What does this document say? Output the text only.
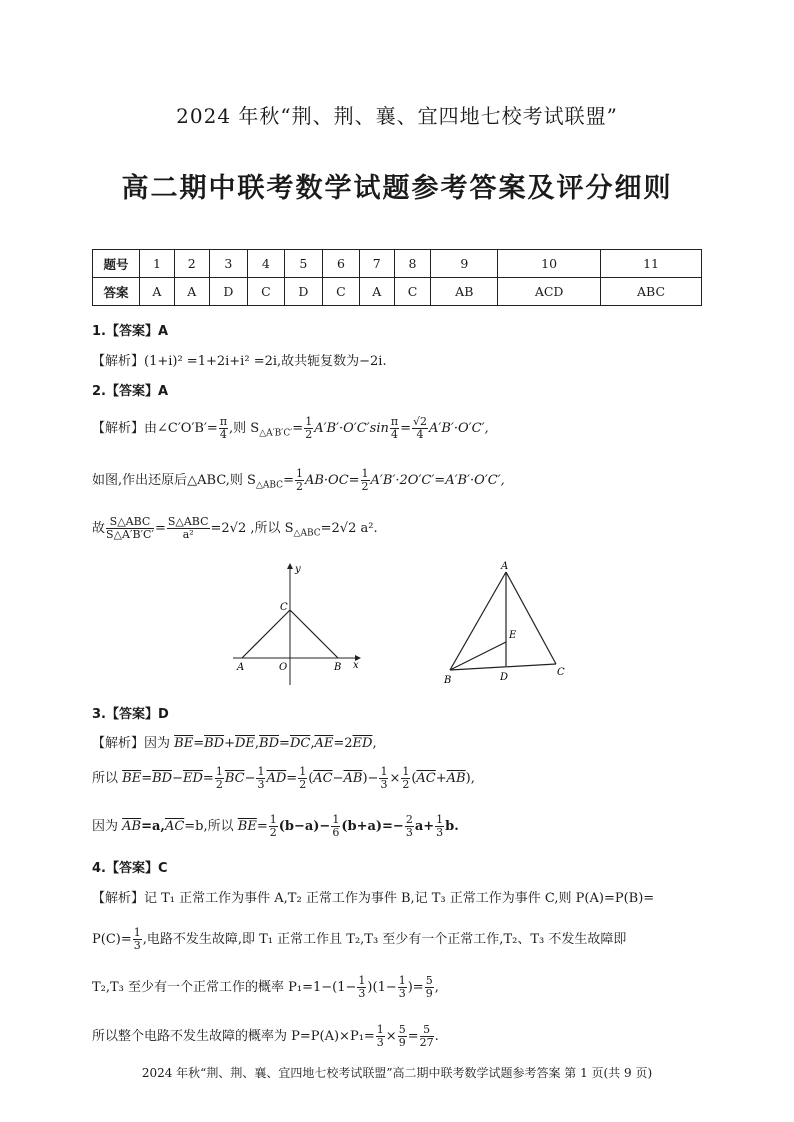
2024 年秋“荆、荆、襄、宜四地七校考试联盟”
高二期中联考数学试题参考答案及评分细则
题号	1	2	3	4	5	6	7	8	9	10	11
答案	A	A	D	C	D	C	A	C	AB	ACD	ABC
1.【答案】A
【解析】(1+i)² =1+2i+i² =2i,故共轭复数为−2i.
2.【答案】A
【解析】由∠C′O′B′= $\frac{\pi}{4}$ ,则 $S_{\triangle A'B'C'}= \frac{1}{2} A'B'\cdot O'C'\sin \frac{\pi}{4} = \frac{√2}{4} A'B'\cdot O'C'$,
如图,作出还原后△ABC,则 $S_{\triangle ABC}= \frac{1}{2} AB\cdot OC= \frac{1}{2} A'B'\cdot 2O'C'=A'B'\cdot O'C'$,
故 $\frac{\text{S△ABC}}{S\triangle A'B'C'} = \frac{\text{S△ABC}}{\text{a²}} =2√2$ ,所以 $S_{\triangle ABC}=2√2$ a².
y
C
A	O	B x
A
E
B	D	C
3.【答案】D
【解析】因为 $\overline{BE}=\overline{BD}+\overline{DE},\overline{BD}=\overline{DC},\overline{AE}=2\overline{ED}$,
所以 $\overline{BE}=\overline{BD}-\overline{ED}= \frac{1}{2} \overline{BC}- \frac{1}{3} \overline{AD}= \frac{1}{2} (\overline{AC}-\overline{AB})- \frac{1}{3} \times \frac{1}{2} (\overline{AC}+\overline{AB})$,
因为 $\overline{AB}=a,\overline{AC}=b$,所以 $\overline{BE}= \frac{1}{2} (b-a)- \frac{1}{6} (b+a)=- \frac{2}{3} a+ \frac{1}{3} b$.
4.【答案】C
【解析】记 T₁ 正常工作为事件 A,T₂ 正常工作为事件 B,记 T₃ 正常工作为事件 C,则 P(A)=P(B)=
$P(C)= \frac{1}{3}$ ,电路不发生故障,即 T₁ 正常工作且 T₂,T₃ 至少有一个正常工作,T₂、T₃ 不发生故障即
T₂,T₃ 至少有一个正常工作的概率 $P_1=1-(1- \frac{1}{3} )(1- \frac{1}{3}$ )= $\frac{5}{9}$ ,
所以整个电路不发生故障的概率为 $P=P(A)\times P_1= \frac{1}{3} \times \frac{5}{9} = \frac{5}{27}$ .
2024 年秋“荆、荆、襄、宜四地七校考试联盟”高二期中联考数学试题参考答案 第 1 页(共 9 页)
